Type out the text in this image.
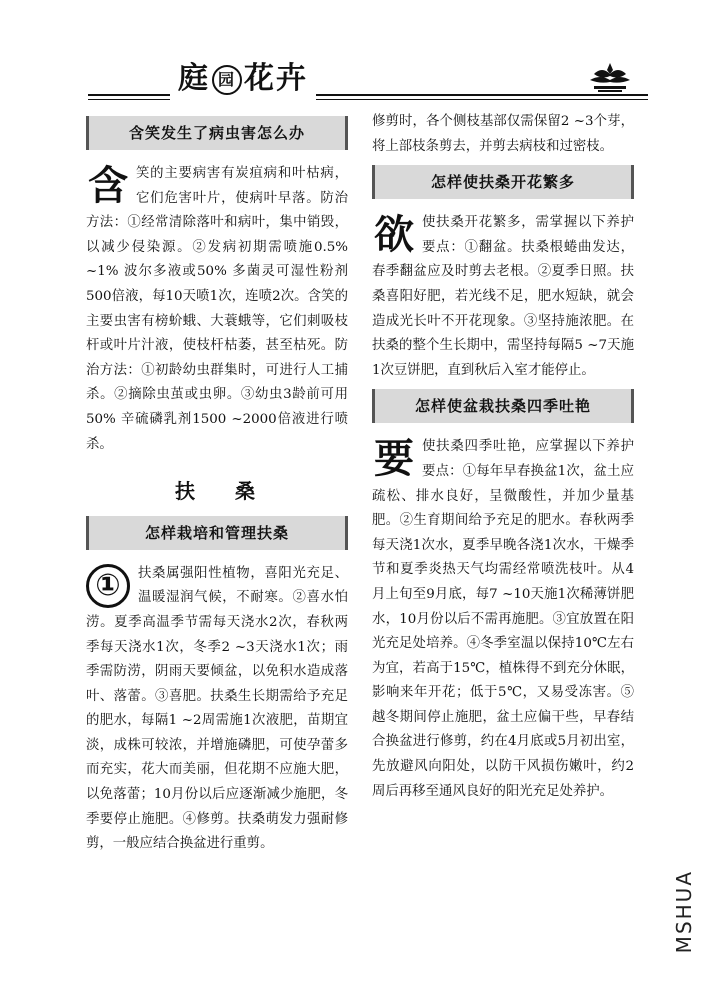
庭 园 花卉
含笑发生了病虫害怎么办
含 笑的主要病害有炭疽病和叶枯病，它们危害叶片，使病叶早落。防治方法：①经常清除落叶和病叶，集中销毁，以减少侵染源。②发病初期需喷施0.5% ~1% 波尔多液或50% 多菌灵可湿性粉剂500倍液，每10天喷1次，连喷2次。含笑的主要虫害有榜蚧蛾、大蓑蛾等，它们刺吸枝杆或叶片汁液，使枝杆枯萎，甚至枯死。防治方法：①初龄幼虫群集时，可进行人工捕杀。②摘除虫茧或虫卵。③幼虫3龄前可用50% 辛硫磷乳剂1500 ~2000倍液进行喷杀。

扶桑
怎样栽培和管理扶桑
①	扶桑属强阳性植物，喜阳光充足、温暖湿润气候，不耐寒。②喜水怕涝。夏季高温季节需每天浇水2次，春秋两季每天浇水1次，冬季2 ~3天浇水1次；雨季需防涝，阴雨天要倾盆，以免积水造成落叶、落蕾。③喜肥。扶桑生长期需给予充足的肥水，每隔1 ~2周需施1次液肥，苗期宜淡，成株可较浓，并增施磷肥，可使孕蕾多而充实，花大而美丽，但花期不应施大肥，以免落蕾；10月份以后应逐渐减少施肥，冬季要停止施肥。④修剪。扶桑萌发力强耐修剪，一般应结合换盆进行重剪。

修剪时，各个侧枝基部仅需保留2 ~3个芽，将上部枝条剪去，并剪去病枝和过密枝。

怎样使扶桑开花繁多
欲 使扶桑开花繁多，需掌握以下养护要点：①翻盆。扶桑根蜷曲发达，春季翻盆应及时剪去老根。②夏季日照。扶桑喜阳好肥，若光线不足，肥水短缺，就会造成光长叶不开花现象。③坚持施浓肥。在扶桑的整个生长期中，需坚持每隔5 ~7天施1次豆饼肥，直到秋后入室才能停止。

怎样使盆栽扶桑四季吐艳
要 使扶桑四季吐艳，应掌握以下养护要点：①每年早春换盆1次，盆土应疏松、排水良好，呈微酸性，并加少量基肥。②生育期间给予充足的肥水。春秋两季每天浇1次水，夏季早晚各浇1次水，干燥季节和夏季炎热天气均需经常喷洗枝叶。从4月上旬至9月底，每7 ~10天施1次稀薄饼肥水，10月份以后不需再施肥。③宜放置在阳光充足处培养。④冬季室温以保持10℃左右为宜，若高于15℃，植株得不到充分休眠，影响来年开花；低于5℃，又易受冻害。⑤越冬期间停止施肥，盆土应偏干些，早春结合换盆进行修剪，约在4月底或5月初出室，先放避风向阳处，以防干风损伤嫩叶，约2周后再移至通风良好的阳光充足处养护。

MSHUA
